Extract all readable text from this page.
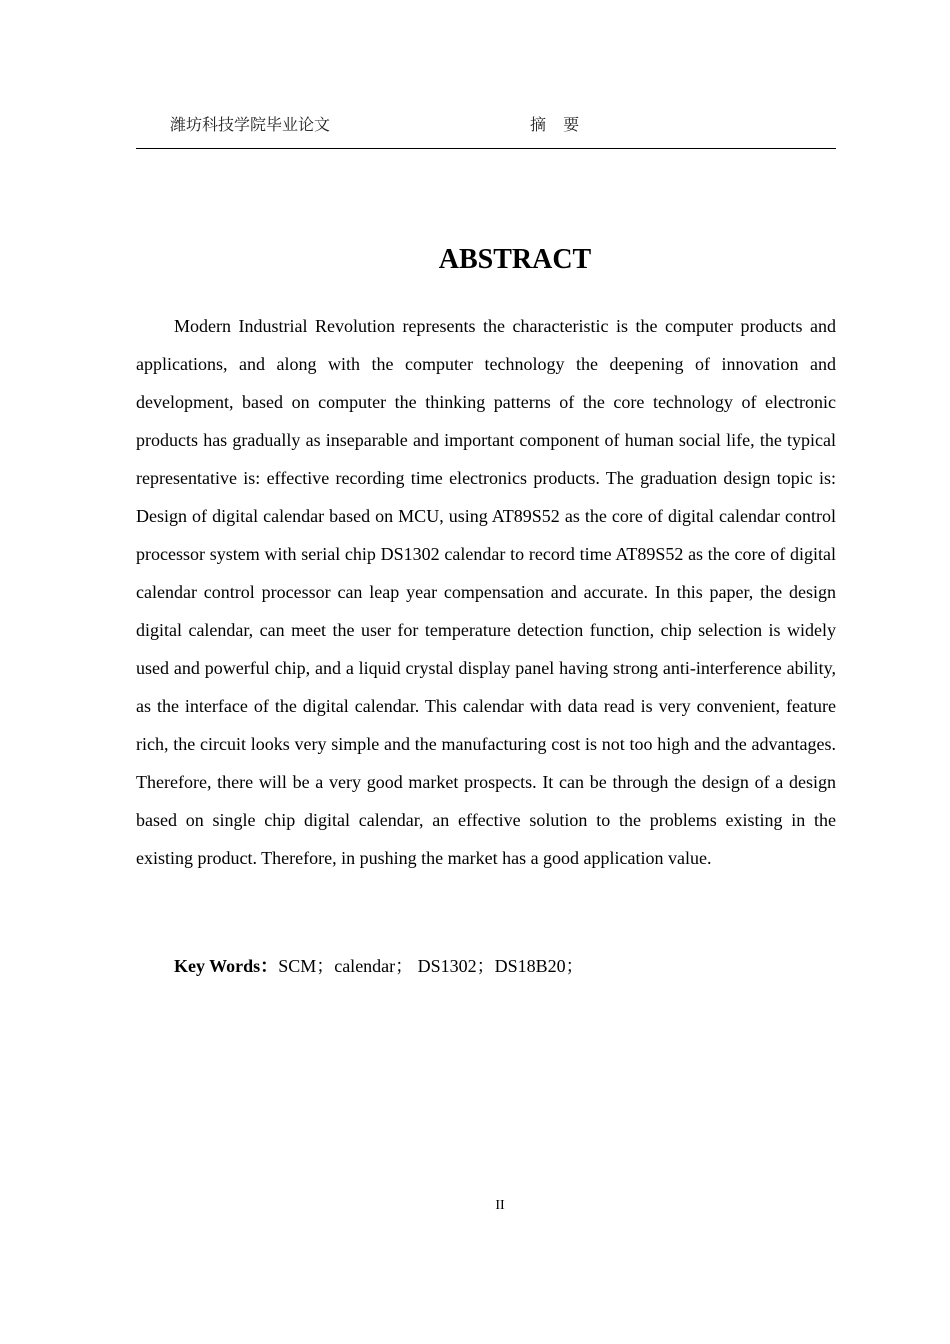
潍坊科技学院毕业论文	摘 要
ABSTRACT

Modern Industrial Revolution represents the characteristic is the computer products and applications, and along with the computer technology the deepening of innovation and development, based on computer the thinking patterns of the core technology of electronic products has gradually as inseparable and important component of human social life, the typical representative is: effective recording time electronics products. The graduation design topic is: Design of digital calendar based on MCU, using AT89S52 as the core of digital calendar control processor system with serial chip DS1302 calendar to record time AT89S52 as the core of digital calendar control processor can leap year compensation and accurate. In this paper, the design digital calendar, can meet the user for temperature detection function, chip selection is widely used and powerful chip, and a liquid crystal display panel having strong anti-interference ability, as the interface of the digital calendar. This calendar with data read is very convenient, feature rich, the circuit looks very simple and the manufacturing cost is not too high and the advantages. Therefore, there will be a very good market prospects. It can be through the design of a design based on single chip digital calendar, an effective solution to the problems existing in the existing product. Therefore, in pushing the market has a good application value.

Key Words：SCM；calendar； DS1302；DS18B20；
II
